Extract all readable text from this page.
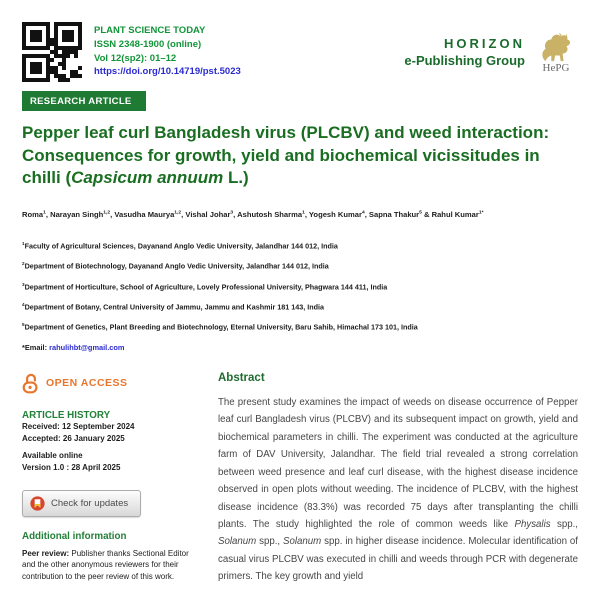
PLANT SCIENCE TODAY
ISSN 2348-1900 (online)
Vol 12(sp2): 01–12
https://doi.org/10.14719/pst.5023
HORIZON
e-Publishing Group	HePG
RESEARCH ARTICLE
Pepper leaf curl Bangladesh virus (PLCBV) and weed interaction: Consequences for growth, yield and biochemical vicissitudes in chilli (Capsicum annuum L.)
Roma$^1$, Narayan Singh$^{1,2}$, Vasudha Maurya$^{1,2}$, Vishal Johar$^3$, Ashutosh Sharma$^1$, Yogesh Kumar$^4$, Sapna Thakur$^5$ & Rahul Kumar$^{1*}$
$^1$Faculty of Agricultural Sciences, Dayanand Anglo Vedic University, Jalandhar 144 012, India
$^2$Department of Biotechnology, Dayanand Anglo Vedic University, Jalandhar 144 012, India
$^3$Department of Horticulture, School of Agriculture, Lovely Professional University, Phagwara 144 411, India
$^4$Department of Botany, Central University of Jammu, Jammu and Kashmir 181 143, India
$^5$Department of Genetics, Plant Breeding and Biotechnology, Eternal University, Baru Sahib, Himachal 173 101, India
*Email: rahulihbt@gmail.com
OPEN ACCESS
ARTICLE HISTORY
Received: 12 September 2024
Accepted: 26 January 2025
Available online
Version 1.0 : 28 April 2025
Check for updates
Additional information
Peer review: Publisher thanks Sectional Editor and the other anonymous reviewers for their contribution to the peer review of this work.
Abstract
The present study examines the impact of weeds on disease occurrence of Pepper leaf curl Bangladesh virus (PLCBV) and its subsequent impact on growth, yield and biochemical parameters in chilli. The experiment was conducted at the agriculture farm of DAV University, Jalandhar. The field trial revealed a strong correlation between weed presence and leaf curl disease, with the highest disease incidence observed in open plots without weeding. The incidence of PLCBV, with the highest disease incidence (83.3%) was recorded 75 days after transplanting the chilli plants. The study highlighted the role of common weeds like Physalis spp., Solanum spp., Solanum spp. in higher disease incidence. Molecular identification of casual virus PLCBV was executed in chilli and weeds through PCR with degenerate primers. The key growth and yield
